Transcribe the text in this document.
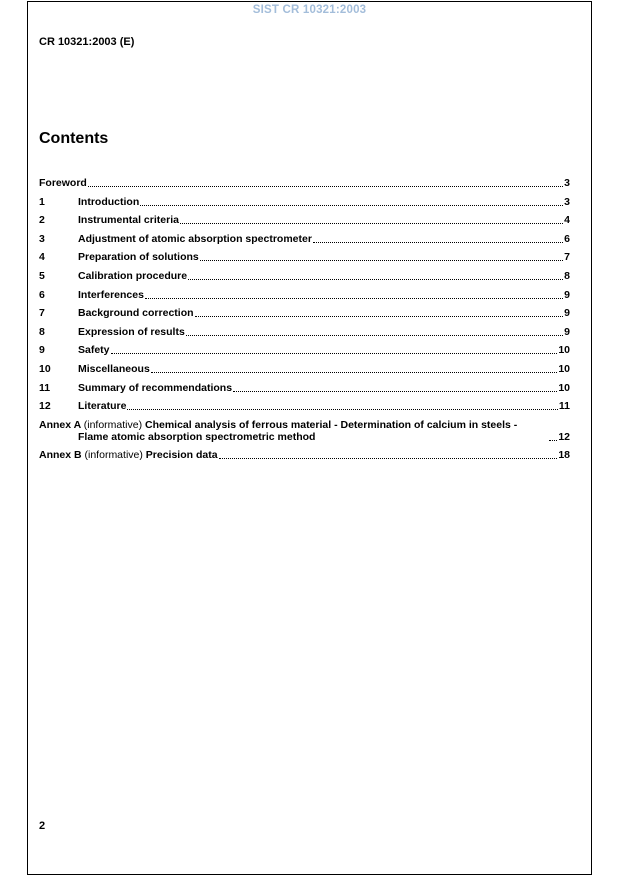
SIST CR 10321:2003
CR 10321:2003 (E)
Contents
Foreword	3
1	Introduction	3
2	Instrumental criteria	4
3	Adjustment of atomic absorption spectrometer	6
4	Preparation of solutions	7
5	Calibration procedure	8
6	Interferences	9
7	Background correction	9
8	Expression of results	9
9	Safety	10
10	Miscellaneous	10
11	Summary of recommendations	10
12	Literature	11
Annex A (informative) Chemical analysis of ferrous material - Determination of calcium in steels - Flame atomic absorption spectrometric method	12
Annex B (informative) Precision data	18
2
